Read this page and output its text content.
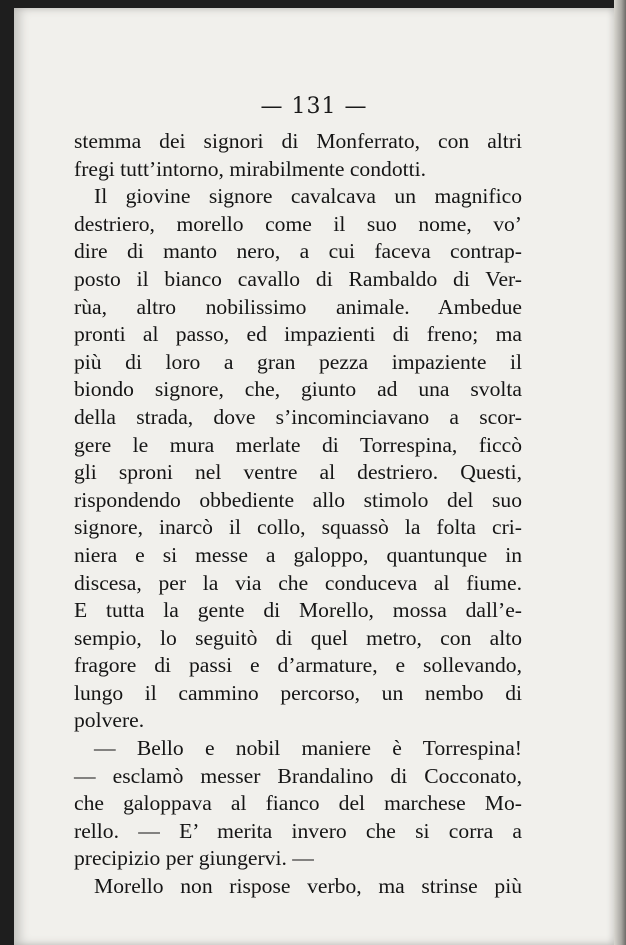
— 131 —
stemma dei signori di Monferrato, con altri
fregi tutt’intorno, mirabilmente condotti.
Il giovine signore cavalcava un magnifico
destriero, morello come il suo nome, vo’
dire di manto nero, a cui faceva contrap-
posto il bianco cavallo di Rambaldo di Ver-
rùa, altro nobilissimo animale. Ambedue
pronti al passo, ed impazienti di freno; ma
più di loro a gran pezza impaziente il
biondo signore, che, giunto ad una svolta
della strada, dove s’incominciavano a scor-
gere le mura merlate di Torrespina, ficcò
gli sproni nel ventre al destriero. Questi,
rispondendo obbediente allo stimolo del suo
signore, inarcò il collo, squassò la folta cri-
niera e si messe a galoppo, quantunque in
discesa, per la via che conduceva al fiume.
E tutta la gente di Morello, mossa dall’e-
sempio, lo seguitò di quel metro, con alto
fragore di passi e d’armature, e sollevando,
lungo il cammino percorso, un nembo di
polvere.
— Bello e nobil maniere è Torrespina!
— esclamò messer Brandalino di Cocconato,
che galoppava al fianco del marchese Mo-
rello. — E’ merita invero che si corra a
precipizio per giungervi. —
Morello non rispose verbo, ma strinse più
